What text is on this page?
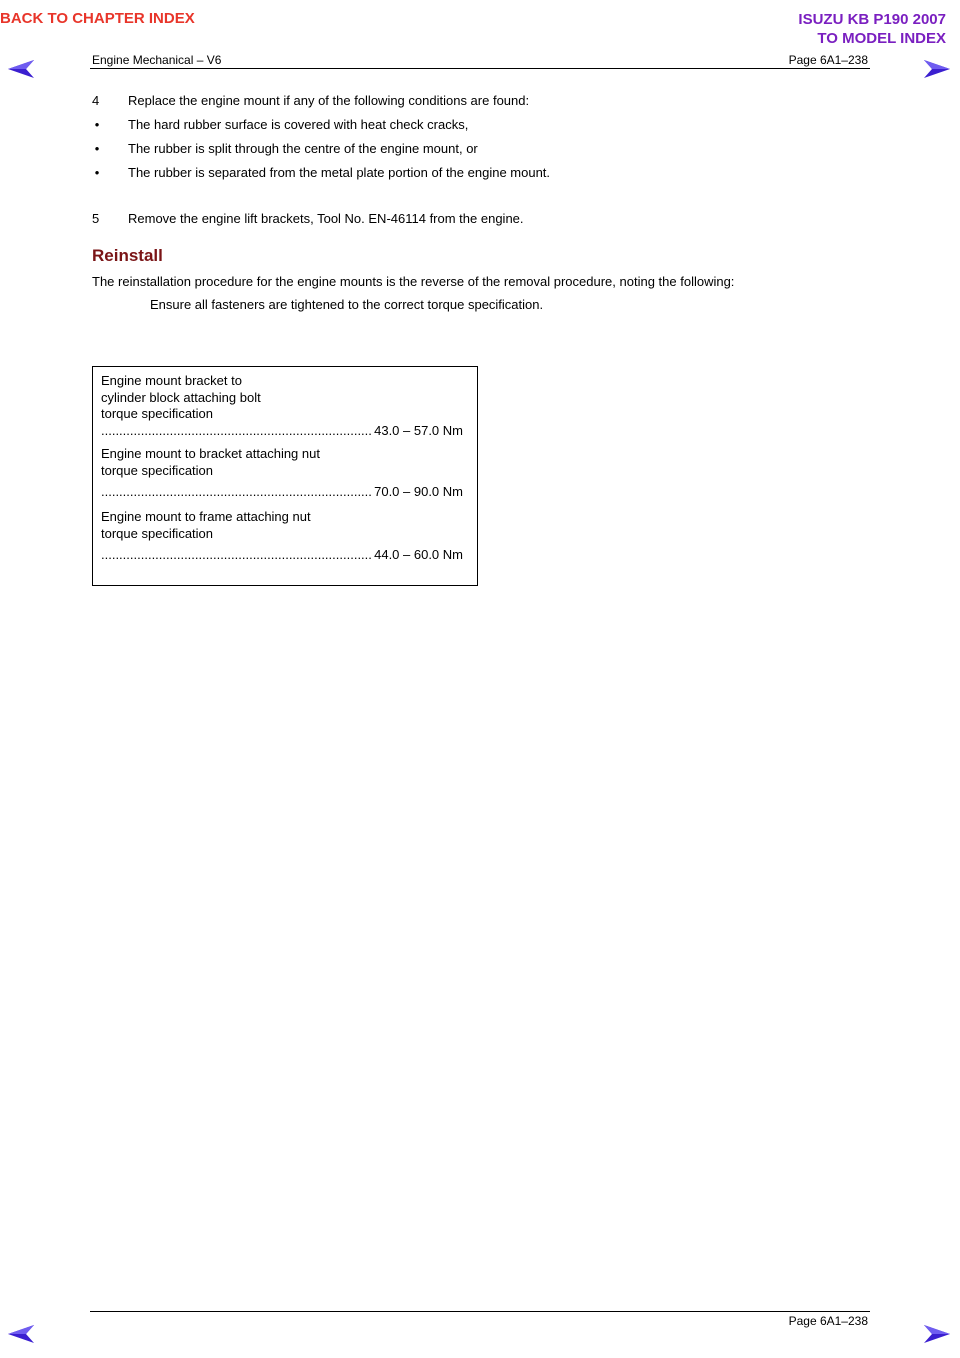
BACK TO CHAPTER INDEX	ISUZU KB P190 2007
TO MODEL INDEX
Engine Mechanical – V6	Page 6A1–238
4 Replace the engine mount if any of the following conditions are found:
• The hard rubber surface is covered with heat check cracks,
• The rubber is split through the centre of the engine mount, or
• The rubber is separated from the metal plate portion of the engine mount.
5 Remove the engine lift brackets, Tool No. EN-46114 from the engine.
Reinstall
The reinstallation procedure for the engine mounts is the reverse of the removal procedure, noting the following:
Ensure all fasteners are tightened to the correct torque specification.
Engine mount bracket to
cylinder block attaching bolt
torque specification
.....
43.0 – 57.0 Nm
Engine mount to bracket attaching nut
torque specification
.....
70.0 – 90.0 Nm
Engine mount to frame attaching nut
torque specification
.....
44.0 – 60.0 Nm
Page 6A1–238
